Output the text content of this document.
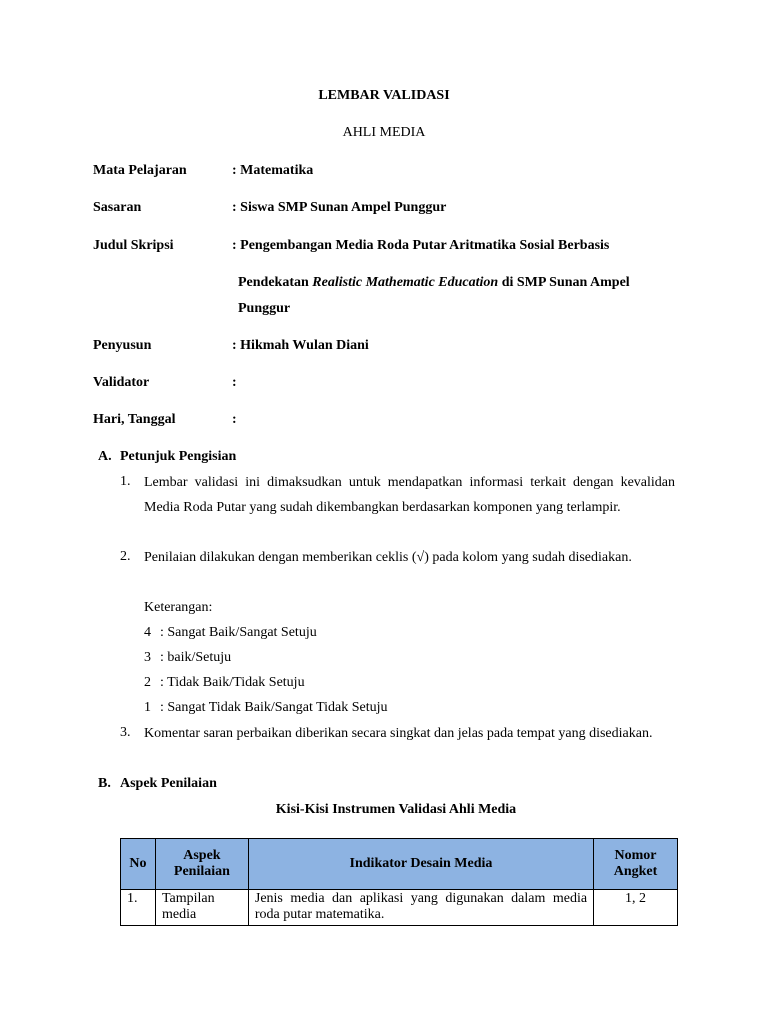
LEMBAR VALIDASI
AHLI MEDIA
Mata Pelajaran	: Matematika
Sasaran	: Siswa SMP Sunan Ampel Punggur
Judul Skripsi	: Pengembangan Media Roda Putar Aritmatika Sosial Berbasis
Pendekatan Realistic Mathematic Education di SMP Sunan Ampel Punggur
Penyusun	: Hikmah Wulan Diani
Validator	:
Hari, Tanggal	:
A. Petunjuk Pengisian
1. Lembar validasi ini dimaksudkan untuk mendapatkan informasi terkait dengan kevalidan Media Roda Putar yang sudah dikembangkan berdasarkan komponen yang terlampir.
2. Penilaian dilakukan dengan memberikan ceklis (√) pada kolom yang sudah disediakan.
Keterangan:
4 : Sangat Baik/Sangat Setuju
3 : baik/Setuju
2 : Tidak Baik/Tidak Setuju
1 : Sangat Tidak Baik/Sangat Tidak Setuju
3. Komentar saran perbaikan diberikan secara singkat dan jelas pada tempat yang disediakan.
B. Aspek Penilaian
Kisi-Kisi Instrumen Validasi Ahli Media
No	Aspek Penilaian	Indikator Desain Media	Nomor Angket
1.	Tampilan media	Jenis media dan aplikasi yang digunakan dalam media roda putar matematika.	1, 2
